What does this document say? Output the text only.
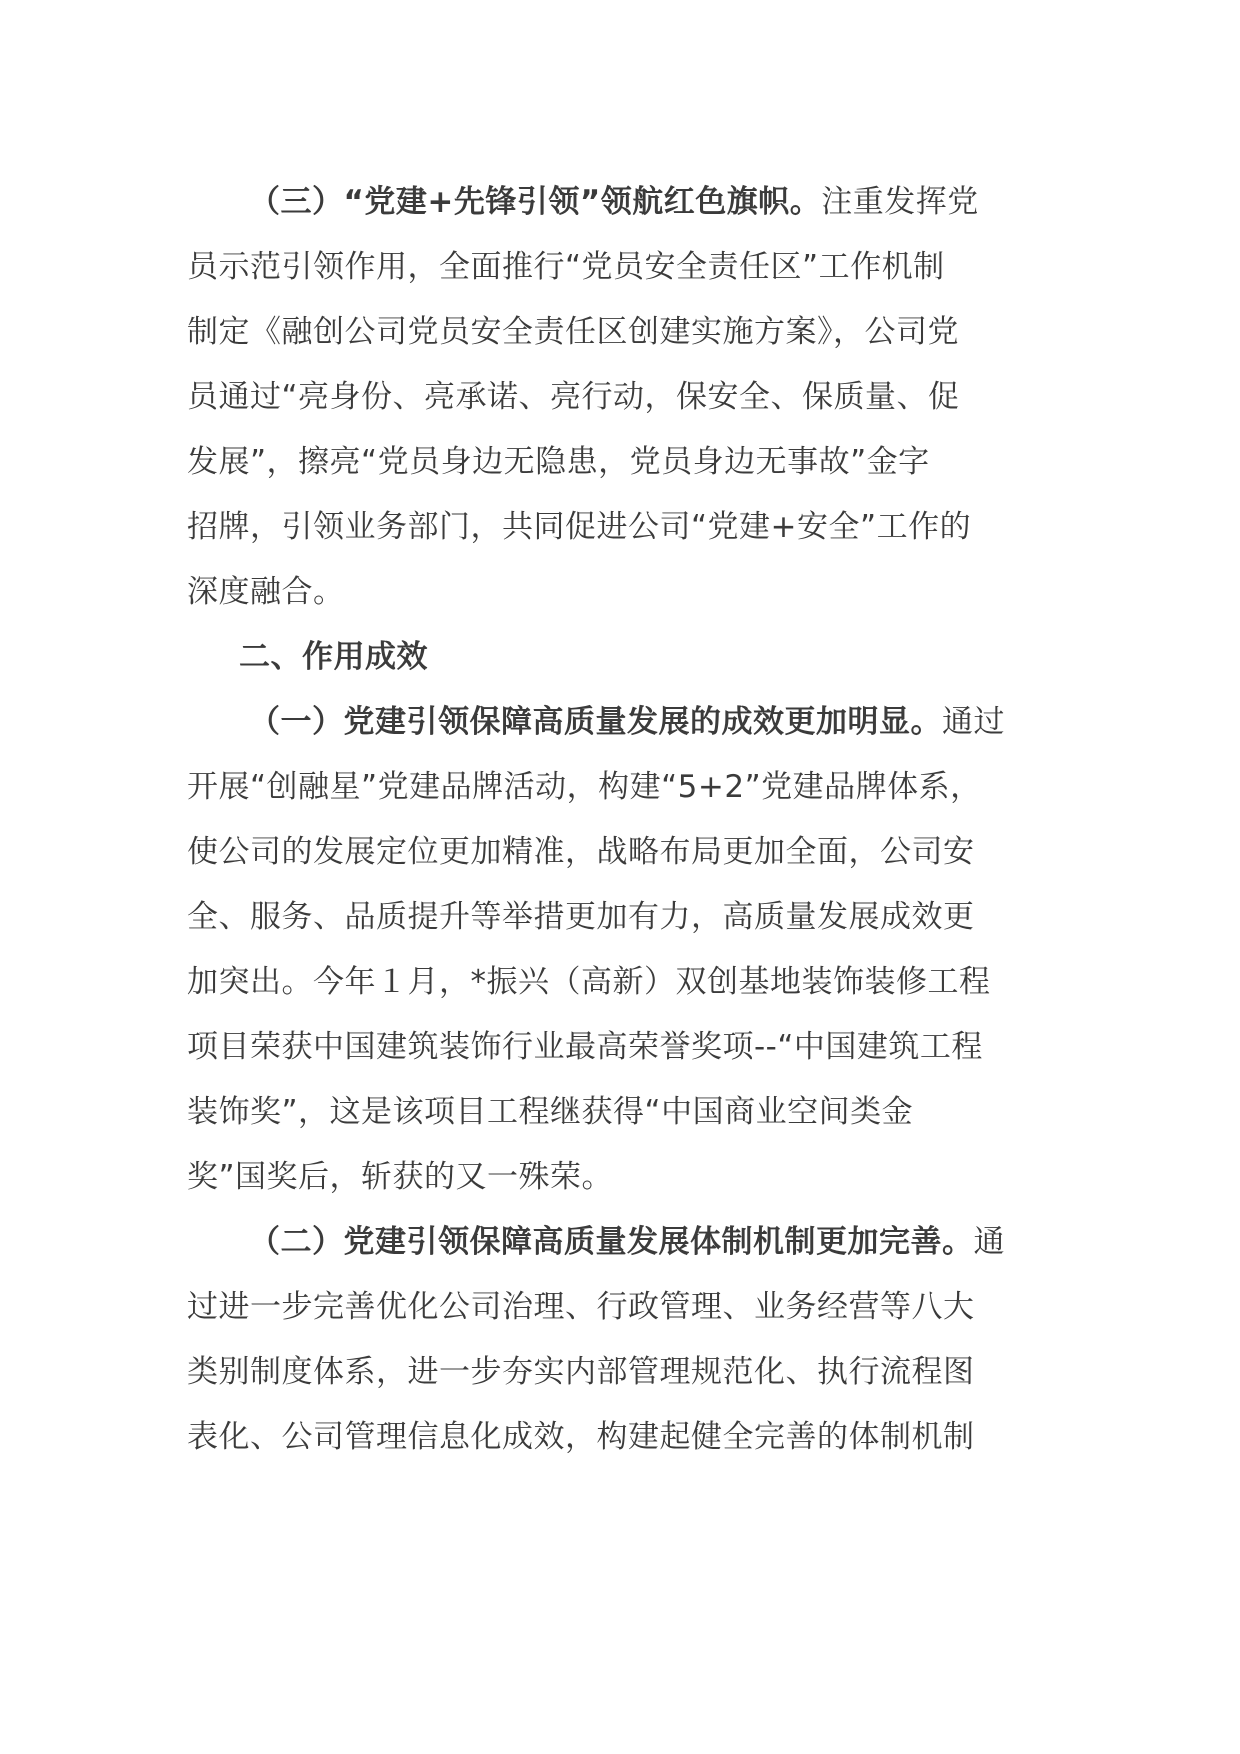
（三）“党建+先锋引领”领航红色旗帜。注重发挥党
员示范引领作用，全面推行“党员安全责任区”工作机制
制定《融创公司党员安全责任区创建实施方案》，公司党
员通过“亮身份、亮承诺、亮行动，保安全、保质量、促
发展”，擦亮“党员身边无隐患，党员身边无事故”金字
招牌，引领业务部门，共同促进公司“党建+安全”工作的
深度融合。
二、作用成效
（一）党建引领保障高质量发展的成效更加明显。通过
开展“创融星”党建品牌活动，构建“5+2”党建品牌体系，
使公司的发展定位更加精准，战略布局更加全面，公司安
全、服务、品质提升等举措更加有力，高质量发展成效更
加突出。今年１月，*振兴（高新）双创基地装饰装修工程
项目荣获中国建筑装饰行业最高荣誉奖项--“中国建筑工程
装饰奖”，这是该项目工程继获得“中国商业空间类金
奖”国奖后，斩获的又一殊荣。
（二）党建引领保障高质量发展体制机制更加完善。通
过进一步完善优化公司治理、行政管理、业务经营等八大
类别制度体系，进一步夯实内部管理规范化、执行流程图
表化、公司管理信息化成效，构建起健全完善的体制机制
